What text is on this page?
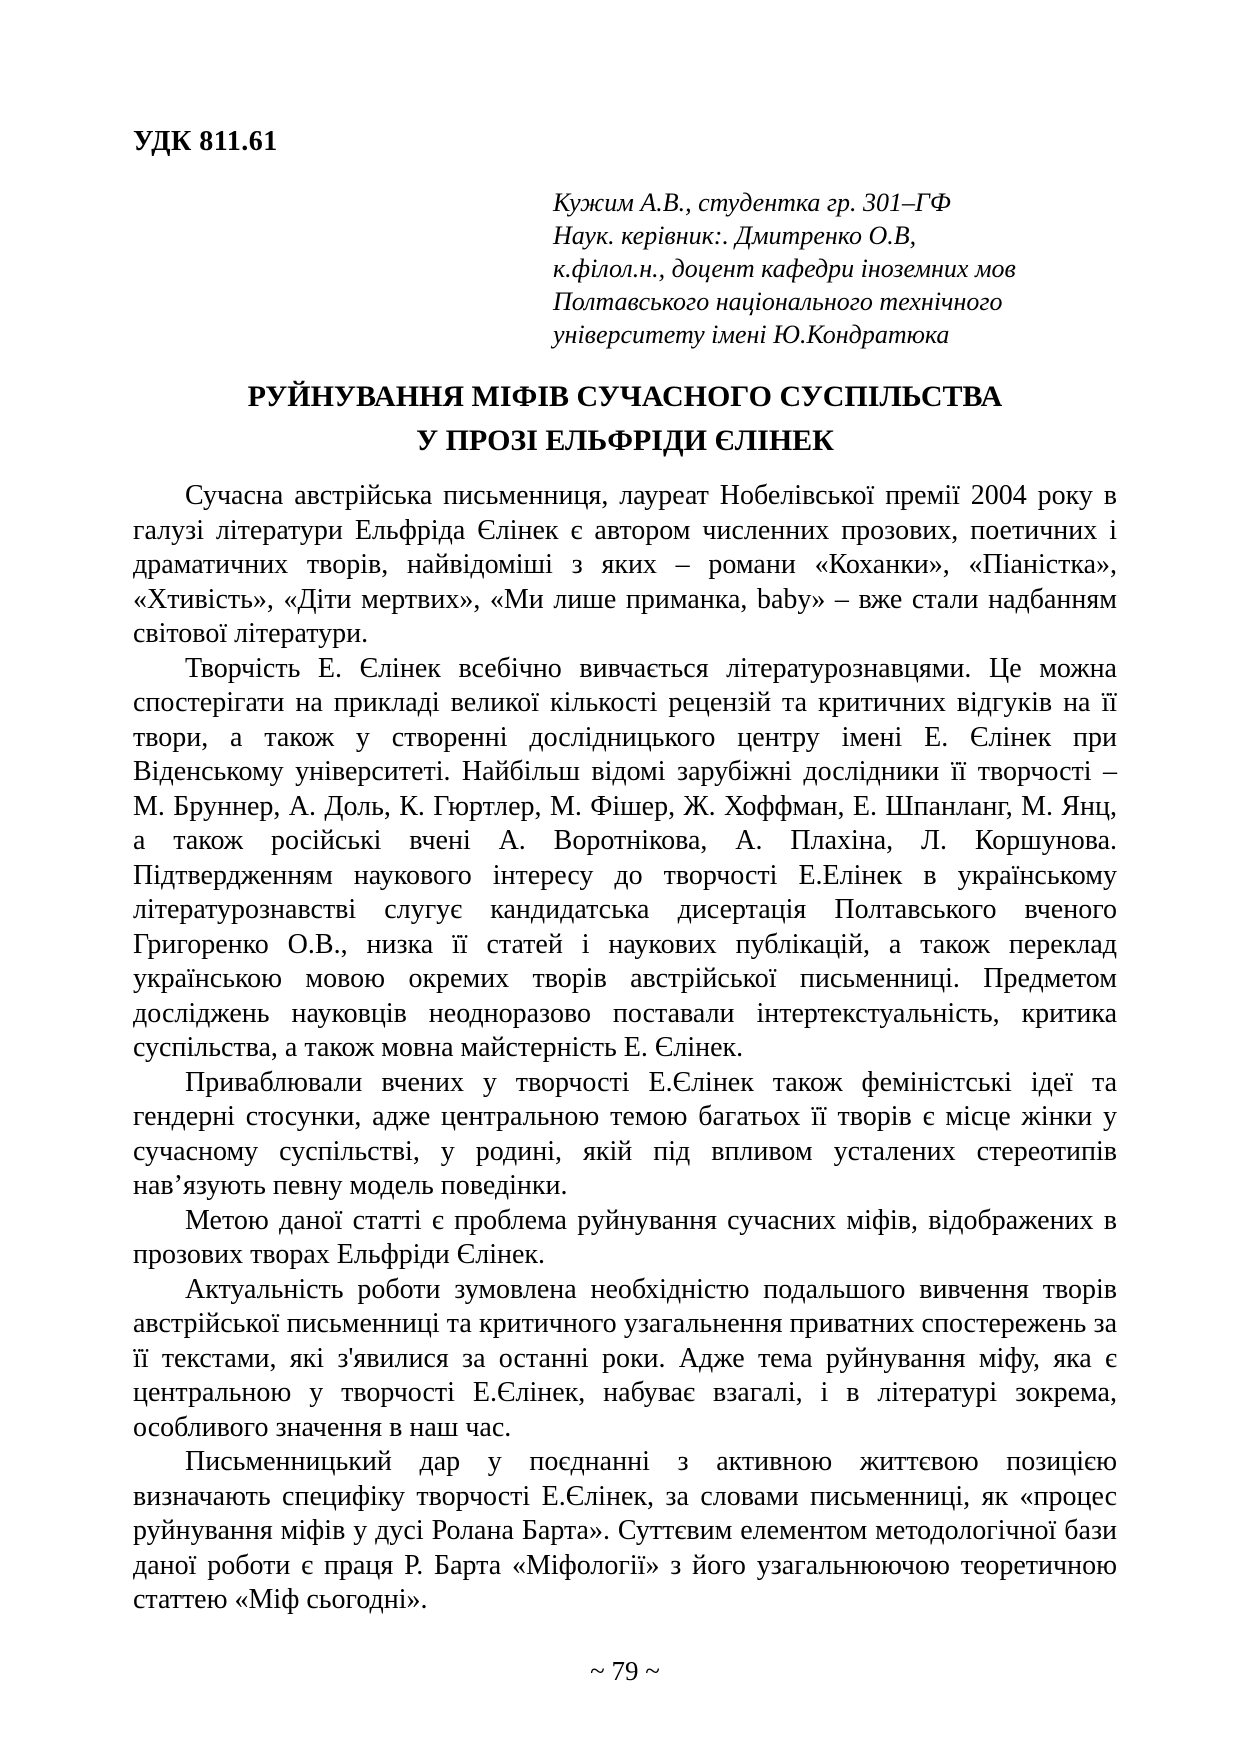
УДК 811.61
Кужим А.В., студентка гр. 301–ГФ
Наук. керівник:. Дмитренко О.В,
к.філол.н., доцент кафедри іноземних мов
Полтавського національного технічного
університету імені Ю.Кондратюка
РУЙНУВАННЯ МІФІВ СУЧАСНОГО СУСПІЛЬСТВА
У ПРОЗІ ЕЛЬФРІДИ ЄЛІНЕК

Сучасна австрійська письменниця, лауреат Нобелівської премії 2004 року в галузі літератури Ельфріда Єлінек є автором численних прозових, поетичних і драматичних творів, найвідоміші з яких – романи «Коханки», «Піаністка», «Хтивість», «Діти мертвих», «Ми лише приманка, baby» – вже стали надбанням світової літератури.

Творчість Е. Єлінек всебічно вивчається літературознавцями. Це можна спостерігати на прикладі великої кількості рецензій та критичних відгуків на її твори, а також у створенні дослідницького центру імені Е. Єлінек при Віденському університеті. Найбільш відомі зарубіжні дослідники її творчості – М. Бруннер, А. Доль, К. Гюртлер, М. Фішер, Ж. Хоффман, Е. Шпанланг, М. Янц, а також російські вчені А. Воротнікова, А. Плахіна, Л. Коршунова. Підтвердженням наукового інтересу до творчості Е.Елінек в українському літературознавстві слугує кандидатська дисертація Полтавського вченого Григоренко О.В., низка її статей і наукових публікацій, а також переклад українською мовою окремих творів австрійської письменниці. Предметом досліджень науковців неодноразово поставали інтертекстуальність, критика суспільства, а також мовна майстерність Е. Єлінек.

Приваблювали вчених у творчості Е.Єлінек також феміністські ідеї та гендерні стосунки, адже центральною темою багатьох її творів є місце жінки у сучасному суспільстві, у родині, якій під впливом усталених стереотипів нав’язують певну модель поведінки.

Метою даної статті є проблема руйнування сучасних міфів, відображених в прозових творах Ельфріди Єлінек.

Актуальність роботи зумовлена необхідністю подальшого вивчення творів австрійської письменниці та критичного узагальнення приватних спостережень за її текстами, які з'явилися за останні роки. Адже тема руйнування міфу, яка є центральною у творчості Е.Єлінек, набуває взагалі, і в літературі зокрема, особливого значення в наш час.

Письменницький дар у поєднанні з активною життєвою позицією визначають специфіку творчості Е.Єлінек, за словами письменниці, як «процес руйнування міфів у дусі Ролана Барта». Суттєвим елементом методологічної бази даної роботи є праця Р. Барта «Міфології» з його узагальнюючою теоретичною статтею «Міф сьогодні».

~ 79 ~
